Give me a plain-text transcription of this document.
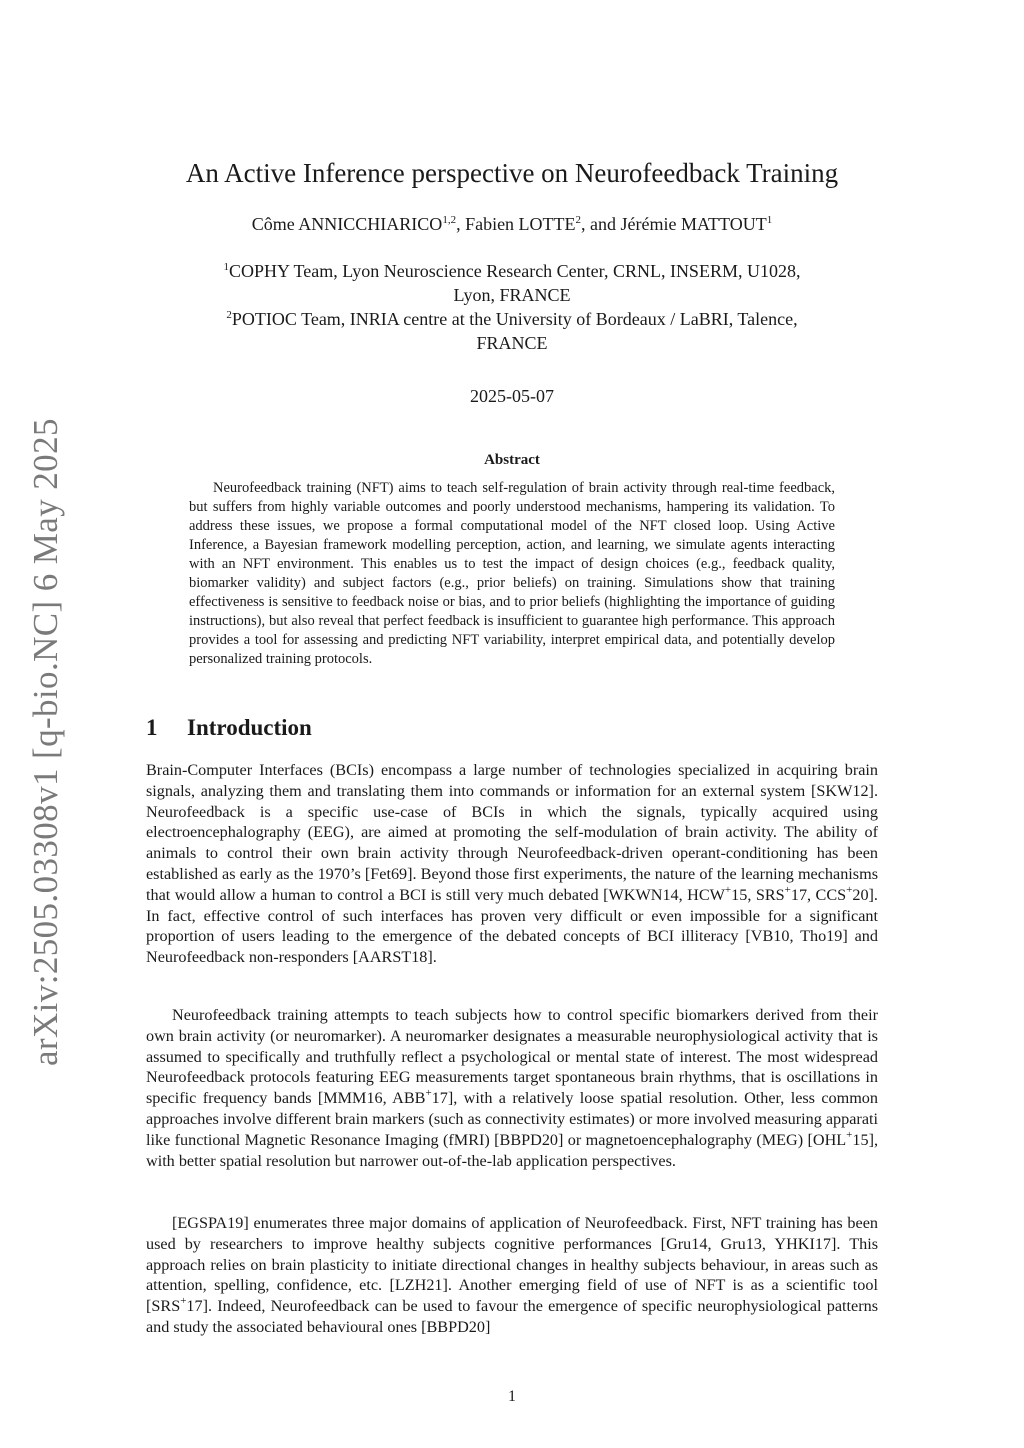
arXiv:2505.03308v1 [q-bio.NC] 6 May 2025
An Active Inference perspective on Neurofeedback Training
Côme ANNICCHIARICO$^{1,2}$, Fabien LOTTE$^2$, and Jérémie MATTOUT$^1$
$^1$COPHY Team, Lyon Neuroscience Research Center, CRNL, INSERM, U1028,
Lyon, FRANCE
$^2$POTIOC Team, INRIA centre at the University of Bordeaux / LaBRI, Talence,
FRANCE
2025-05-07
Abstract

Neurofeedback training (NFT) aims to teach self-regulation of brain activity through real-time feedback, but suffers from highly variable outcomes and poorly understood mechanisms, hampering its validation. To address these issues, we propose a formal computational model of the NFT closed loop. Using Active Inference, a Bayesian framework modelling perception, action, and learning, we simulate agents interacting with an NFT environment. This enables us to test the impact of design choices (e.g., feedback quality, biomarker validity) and subject factors (e.g., prior beliefs) on training. Simulations show that training effectiveness is sensitive to feedback noise or bias, and to prior beliefs (highlighting the importance of guiding instructions), but also reveal that perfect feedback is insufficient to guarantee high performance. This approach provides a tool for assessing and predicting NFT variability, interpret empirical data, and potentially develop personalized training protocols.

1 Introduction

Brain-Computer Interfaces (BCIs) encompass a large number of technologies specialized in acquiring brain signals, analyzing them and translating them into commands or information for an external system [SKW12]. Neurofeedback is a specific use-case of BCIs in which the signals, typically acquired using electroencephalography (EEG), are aimed at promoting the self-modulation of brain activity. The ability of animals to control their own brain activity through Neurofeedback-driven operant-conditioning has been established as early as the 1970’s [Fet69]. Beyond those first experiments, the nature of the learning mechanisms that would allow a human to control a BCI is still very much debated [WKWN14, HCW+15, SRS+17, CCS+20]. In fact, effective control of such interfaces has proven very difficult or even impossible for a significant proportion of users leading to the emergence of the debated concepts of BCI illiteracy [VB10, Tho19] and Neurofeedback non-responders [AARST18].

Neurofeedback training attempts to teach subjects how to control specific biomarkers derived from their own brain activity (or neuromarker). A neuromarker designates a measurable neurophysiological activity that is assumed to specifically and truthfully reflect a psychological or mental state of interest. The most widespread Neurofeedback protocols featuring EEG measurements target spontaneous brain rhythms, that is oscillations in specific frequency bands [MMM16, ABB+17], with a relatively loose spatial resolution. Other, less common approaches involve different brain markers (such as connectivity estimates) or more involved measuring apparati like functional Magnetic Resonance Imaging (fMRI) [BBPD20] or magnetoencephalography (MEG) [OHL+15], with better spatial resolution but narrower out-of-the-lab application perspectives.

[EGSPA19] enumerates three major domains of application of Neurofeedback. First, NFT training has been used by researchers to improve healthy subjects cognitive performances [Gru14, Gru13, YHKI17]. This approach relies on brain plasticity to initiate directional changes in healthy subjects behaviour, in areas such as attention, spelling, confidence, etc. [LZH21]. Another emerging field of use of NFT is as a scientific tool [SRS+17]. Indeed, Neurofeedback can be used to favour the emergence of specific neurophysiological patterns and study the associated behavioural ones [BBPD20]

1
